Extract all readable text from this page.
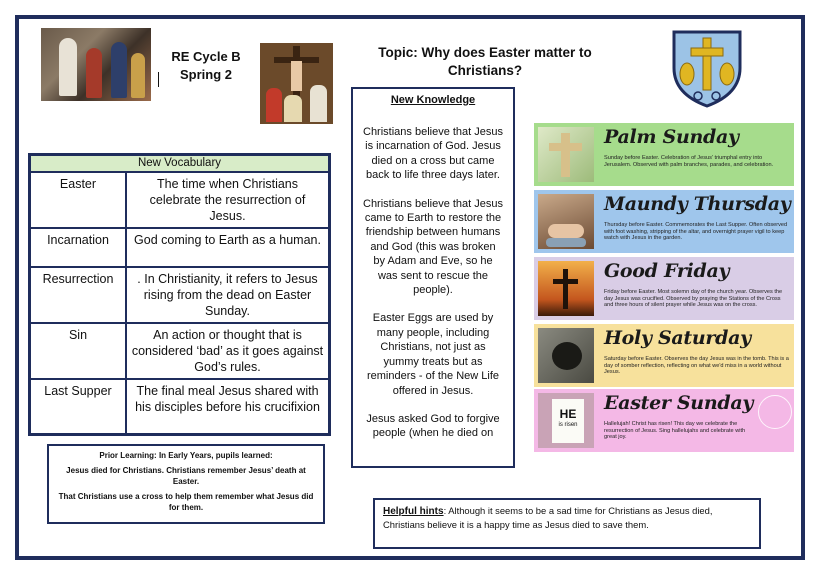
RE Cycle B
Spring 2
Topic: Why does Easter matter to
Christians?
New Vocabulary	
Easter	The time when Christians celebrate the resurrection of Jesus.
Incarnation	God coming to Earth as a human.
Resurrection	. In Christianity, it refers to Jesus rising from the dead on Easter Sunday.
Sin	An action or thought that is considered ‘bad’ as it goes against God’s rules.
Last Supper	The final meal Jesus shared with his disciples before his crucifixion
Prior Learning: In Early Years, pupils learned:
Jesus died for Christians. Christians remember Jesus’ death at Easter.
That Christians use a cross to help them remember what Jesus did for them.
New Knowledge

Christians believe that Jesus is incarnation of God. Jesus died on a cross but came back to life three days later.

Christians believe that Jesus came to Earth to restore the friendship between humans and God (this was broken by Adam and Eve, so he was sent to rescue the people).

Easter Eggs are used by many people, including Christians, not just as yummy treats but as reminders - of the New Life offered in Jesus.

Jesus asked God to forgive people (when he died on

Palm Sunday
Sunday before Easter. Celebration of Jesus' triumphal entry into Jerusalem. Observed with palm branches, parades, and celebration.
Maundy Thursday
Thursday before Easter. Commemorates the Last Supper. Often observed with foot washing, stripping of the altar, and overnight prayer vigil to keep watch with Jesus in the garden.
Good Friday
Friday before Easter. Most solemn day of the church year. Observes the day Jesus was crucified. Observed by praying the Stations of the Cross and three hours of silent prayer while Jesus was on the cross.
Holy Saturday
Saturday before Easter. Observes the day Jesus was in the tomb. This is a day of somber reflection, reflecting on what we'd miss in a world without Jesus.
HE
is risen
Easter Sunday
Hallelujah! Christ has risen! This day we celebrate the resurrection of Jesus. Sing hallelujahs and celebrate with great joy.
Helpful hints: Although it seems to be a sad time for Christians as Jesus died, Christians believe it is a happy time as Jesus died to save them.
